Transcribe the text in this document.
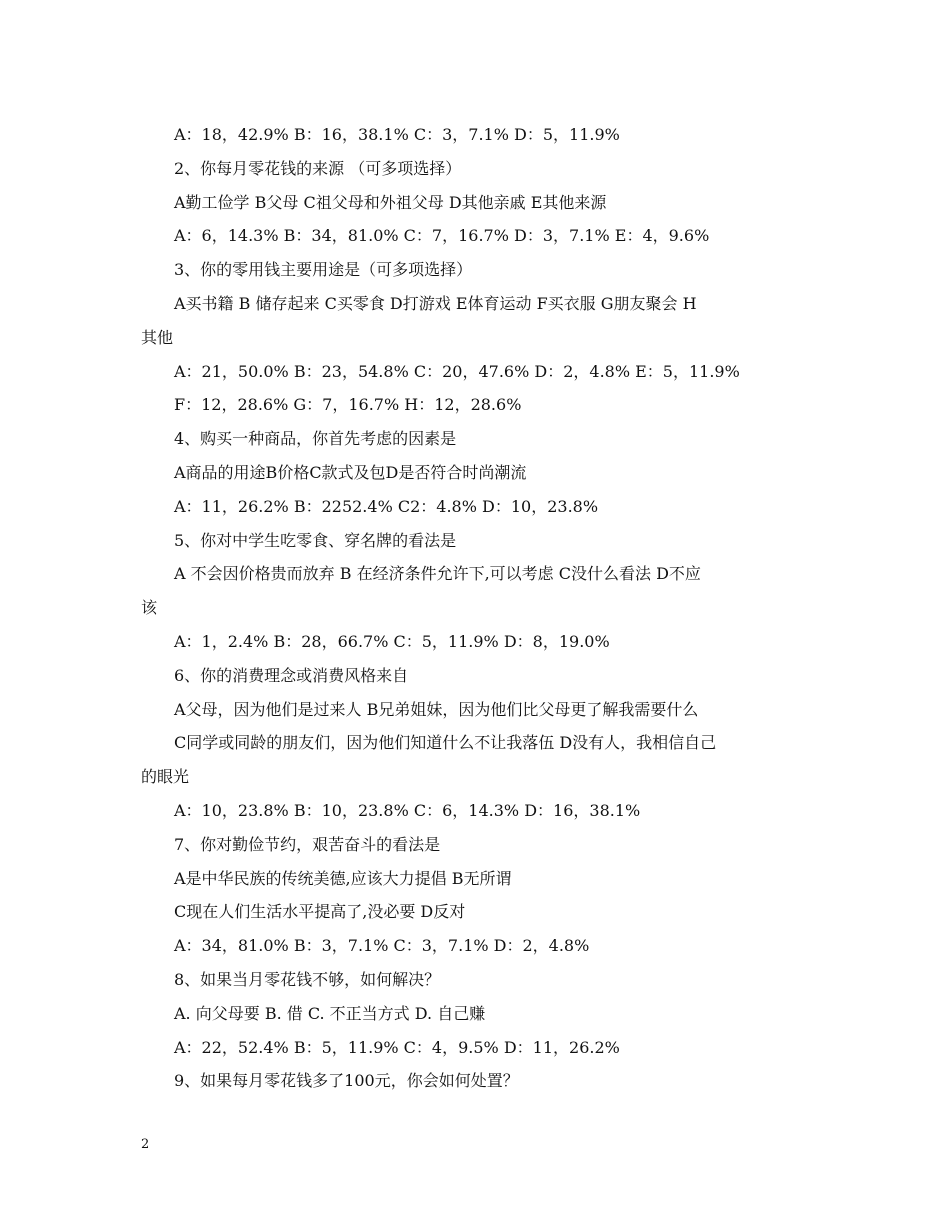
A：18，42.9% B：16，38.1% C：3，7.1% D：5，11.9%
2、你每月零花钱的来源 （可多项选择）
A勤工俭学 B父母 C祖父母和外祖父母 D其他亲戚 E其他来源
A：6，14.3% B：34，81.0% C：7，16.7% D：3，7.1% E：4，9.6%
3、你的零用钱主要用途是（可多项选择）
A买书籍 B 储存起来 C买零食 D打游戏 E体育运动 F买衣服 G朋友聚会 H
其他
A：21，50.0% B：23，54.8% C：20，47.6% D：2，4.8% E：5，11.9%
F：12，28.6% G：7，16.7% H：12，28.6%
4、购买一种商品，你首先考虑的因素是
A商品的用途B价格C款式及包D是否符合时尚潮流
A：11，26.2% B：2252.4% C2：4.8% D：10，23.8%
5、你对中学生吃零食、穿名牌的看法是
A 不会因价格贵而放弃 B 在经济条件允许下,可以考虑 C没什么看法 D不应
该
A：1，2.4% B：28，66.7% C：5，11.9% D：8，19.0%
6、你的消费理念或消费风格来自
A父母，因为他们是过来人 B兄弟姐妹，因为他们比父母更了解我需要什么
C同学或同龄的朋友们，因为他们知道什么不让我落伍 D没有人，我相信自己
的眼光
A：10，23.8% B：10，23.8% C：6，14.3% D：16，38.1%
7、你对勤俭节约，艰苦奋斗的看法是
A是中华民族的传统美德,应该大力提倡 B无所谓
C现在人们生活水平提高了,没必要 D反对
A：34，81.0% B：3，7.1% C：3，7.1% D：2，4.8%
8、如果当月零花钱不够，如何解决？
A. 向父母要 B. 借 C. 不正当方式 D. 自己赚
A：22，52.4% B：5，11.9% C：4，9.5% D：11，26.2%
9、如果每月零花钱多了100元，你会如何处置？
2
